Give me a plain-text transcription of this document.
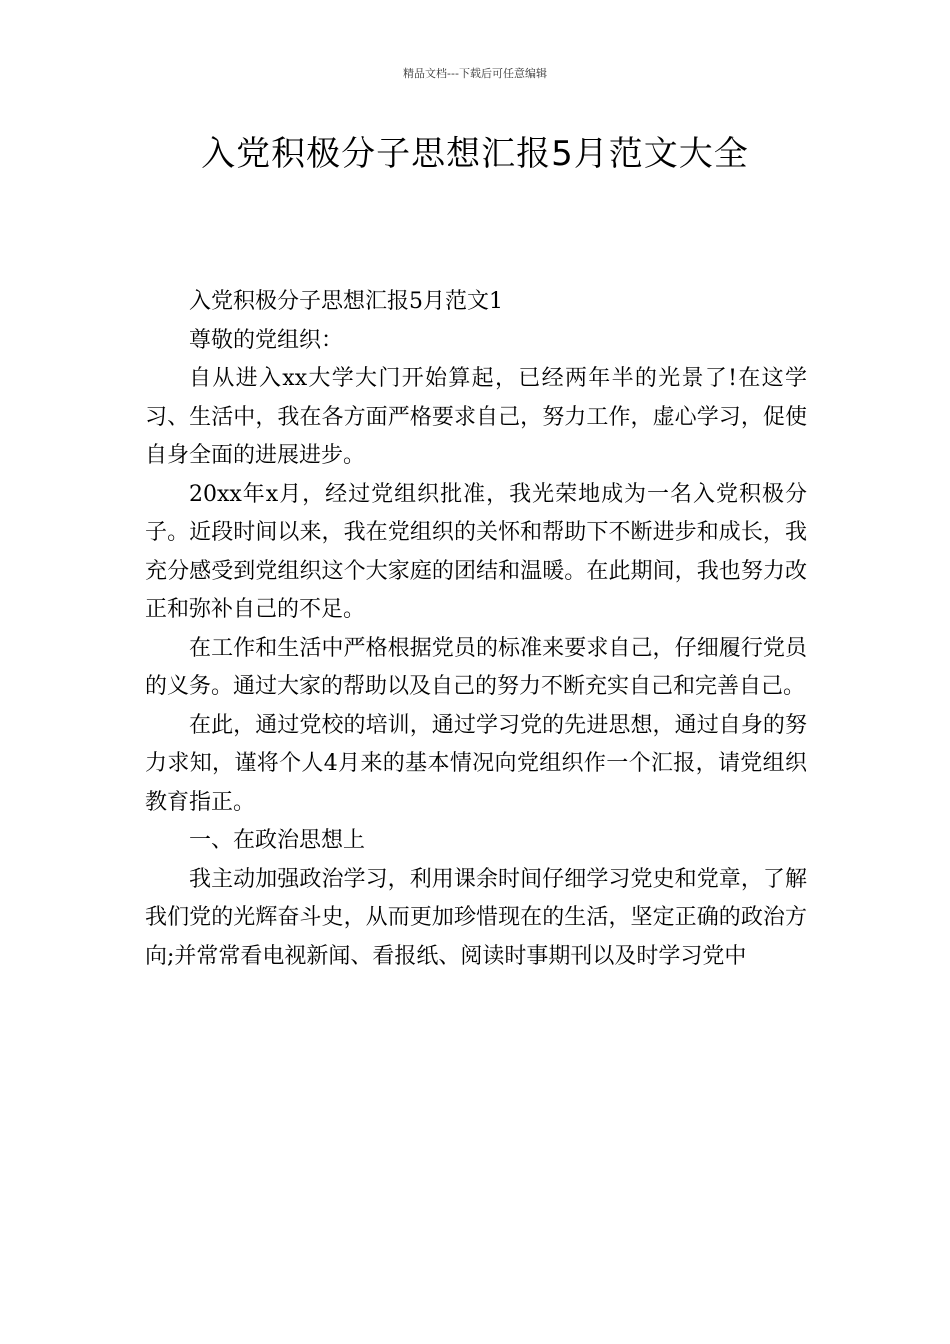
精品文档---下载后可任意编辑
入党积极分子思想汇报5月范文大全

入党积极分子思想汇报5月范文1

尊敬的党组织：

自从进入xx大学大门开始算起，已经两年半的光景了!在这学习、生活中，我在各方面严格要求自己，努力工作，虚心学习，促使自身全面的进展进步。

20xx年x月，经过党组织批准，我光荣地成为一名入党积极分子。近段时间以来，我在党组织的关怀和帮助下不断进步和成长，我充分感受到党组织这个大家庭的团结和温暖。在此期间，我也努力改正和弥补自己的不足。

在工作和生活中严格根据党员的标准来要求自己，仔细履行党员的义务。通过大家的帮助以及自己的努力不断充实自己和完善自己。

在此，通过党校的培训，通过学习党的先进思想，通过自身的努力求知，谨将个人4月来的基本情况向党组织作一个汇报，请党组织教育指正。

一、在政治思想上

我主动加强政治学习，利用课余时间仔细学习党史和党章，了解我们党的光辉奋斗史，从而更加珍惜现在的生活，坚定正确的政治方向;并常常看电视新闻、看报纸、阅读时事期刊以及时学习党中
